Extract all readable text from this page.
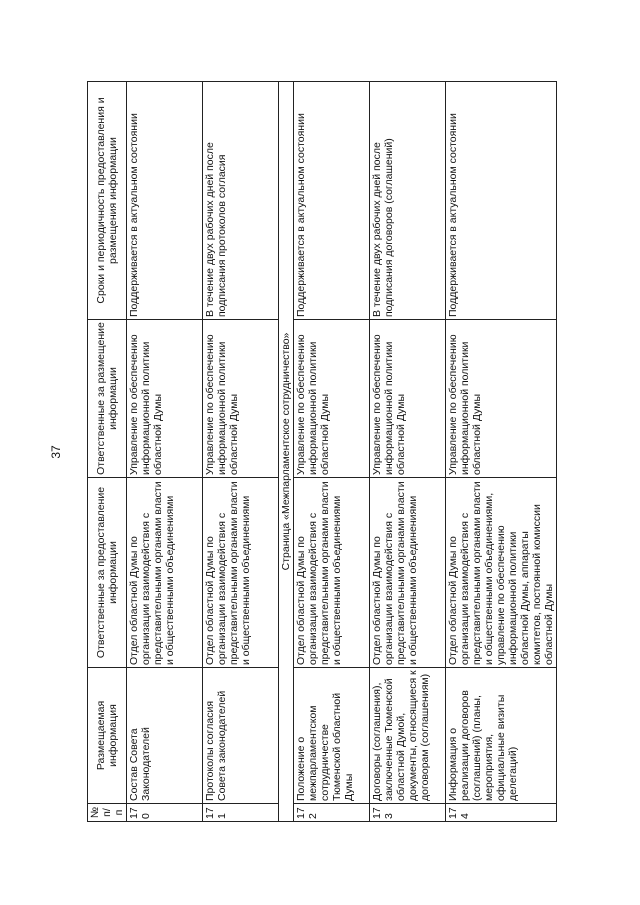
37
№ п/п	Размещаемая информация	Ответственные за предоставление информации	Ответственные за размещение информации	Сроки и периодичность предоставления и размещения информации
170	Состав Совета Законодателей	Отдел областной Думы по организации взаимодействия с представительными органами власти и общественными объединениями	Управление по обеспечению информационной политики областной Думы	Поддерживается в актуальном состоянии
171	Протоколы согласия Совета законодателей	Отдел областной Думы по организации взаимодействия с представительными органами власти и общественными объединениями	Управление по обеспечению информационной политики областной Думы	В течение двух рабочих дней после подписания протоколов согласия
Страница «Межпарламентское сотрудничество»				
172	Положение о межпарламентском сотрудничестве Тюменской областной Думы	Отдел областной Думы по организации взаимодействия с представительными органами власти и общественными объединениями	Управление по обеспечению информационной политики областной Думы	Поддерживается в актуальном состоянии
173	Договоры (соглашения), заключенные Тюменской областной Думой, документы, относящиеся к договорам (соглашениям)	Отдел областной Думы по организации взаимодействия с представительными органами власти и общественными объединениями	Управление по обеспечению информационной политики областной Думы	В течение двух рабочих дней после подписания договоров (соглашений)
174	Информация о реализации договоров (соглашений) (планы, мероприятия, официальные визиты делегаций)	Отдел областной Думы по организации взаимодействия с представительными органами власти и общественными объединениями, управление по обеспечению информационной политики областной Думы, аппараты комитетов, постоянной комиссии областной Думы	Управление по обеспечению информационной политики областной Думы	Поддерживается в актуальном состоянии
